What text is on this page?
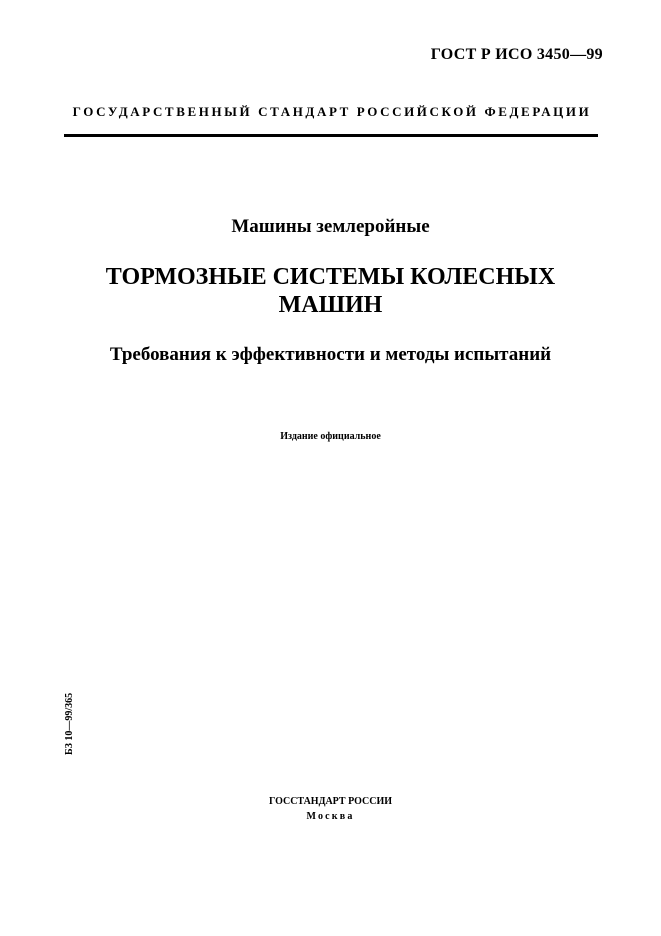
ГОСТ Р ИСО 3450—99
ГОСУДАРСТВЕННЫЙ СТАНДАРТ РОССИЙСКОЙ ФЕДЕРАЦИИ
Машины землеройные
ТОРМОЗНЫЕ СИСТЕМЫ КОЛЕСНЫХ
МАШИН
Требования к эффективности и методы испытаний
Издание официальное
БЗ 10—99/365
ГОССТАНДАРТ РОССИИ
Москва
